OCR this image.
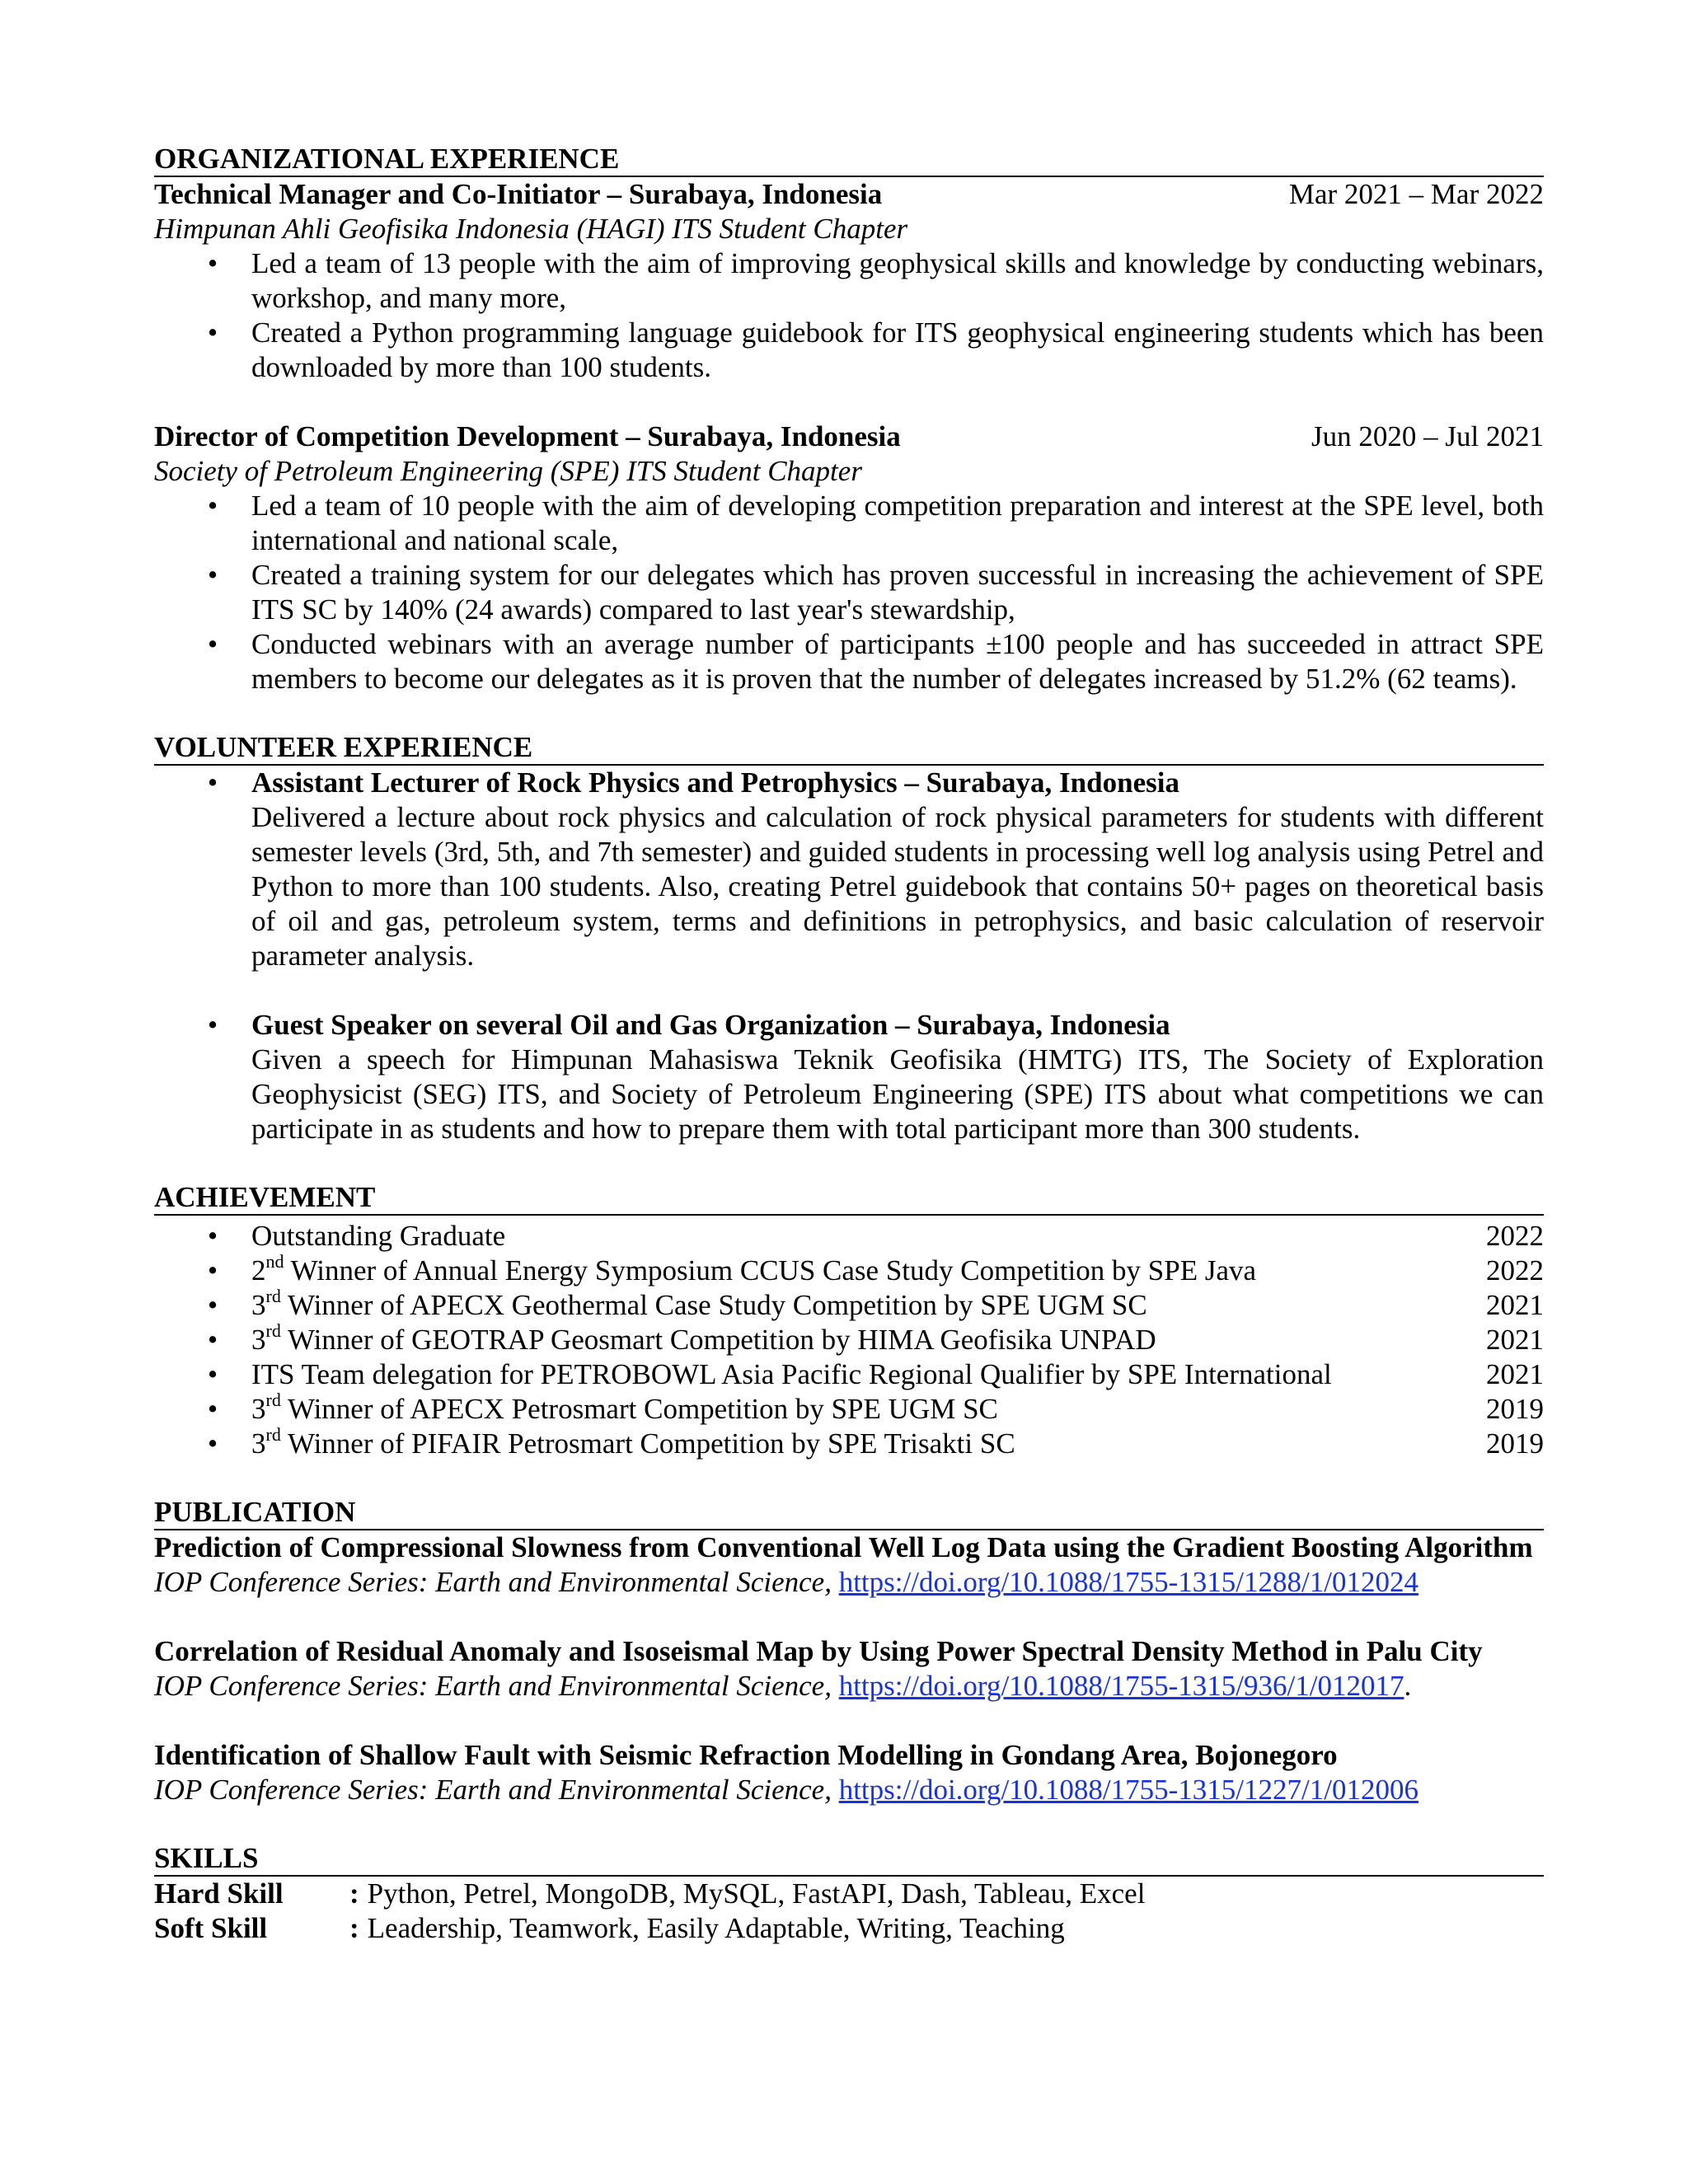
ORGANIZATIONAL EXPERIENCE
Technical Manager and Co-Initiator – Surabaya, Indonesia	Mar 2021 – Mar 2022
Himpunan Ahli Geofisika Indonesia (HAGI) ITS Student Chapter
• Led a team of 13 people with the aim of improving geophysical skills and knowledge by conducting webinars, workshop, and many more,
• Created a Python programming language guidebook for ITS geophysical engineering students which has been downloaded by more than 100 students.
Director of Competition Development – Surabaya, Indonesia	Jun 2020 – Jul 2021
Society of Petroleum Engineering (SPE) ITS Student Chapter
• Led a team of 10 people with the aim of developing competition preparation and interest at the SPE level, both international and national scale,
• Created a training system for our delegates which has proven successful in increasing the achievement of SPE ITS SC by 140% (24 awards) compared to last year's stewardship,
• Conducted webinars with an average number of participants ±100 people and has succeeded in attract SPE members to become our delegates as it is proven that the number of delegates increased by 51.2% (62 teams).
VOLUNTEER EXPERIENCE
• Assistant Lecturer of Rock Physics and Petrophysics – Surabaya, Indonesia
Delivered a lecture about rock physics and calculation of rock physical parameters for students with different semester levels (3rd, 5th, and 7th semester) and guided students in processing well log analysis using Petrel and Python to more than 100 students. Also, creating Petrel guidebook that contains 50+ pages on theoretical basis of oil and gas, petroleum system, terms and definitions in petrophysics, and basic calculation of reservoir parameter analysis.
• Guest Speaker on several Oil and Gas Organization – Surabaya, Indonesia
Given a speech for Himpunan Mahasiswa Teknik Geofisika (HMTG) ITS, The Society of Exploration Geophysicist (SEG) ITS, and Society of Petroleum Engineering (SPE) ITS about what competitions we can participate in as students and how to prepare them with total participant more than 300 students.
ACHIEVEMENT
• Outstanding Graduate	2022
• 2nd Winner of Annual Energy Symposium CCUS Case Study Competition by SPE Java	2022
• 3rd Winner of APECX Geothermal Case Study Competition by SPE UGM SC	2021
• 3rd Winner of GEOTRAP Geosmart Competition by HIMA Geofisika UNPAD	2021
• ITS Team delegation for PETROBOWL Asia Pacific Regional Qualifier by SPE International	2021
• 3rd Winner of APECX Petrosmart Competition by SPE UGM SC	2019
• 3rd Winner of PIFAIR Petrosmart Competition by SPE Trisakti SC	2019
PUBLICATION
Prediction of Compressional Slowness from Conventional Well Log Data using the Gradient Boosting Algorithm
IOP Conference Series: Earth and Environmental Science, https://doi.org/10.1088/1755-1315/1288/1/012024
Correlation of Residual Anomaly and Isoseismal Map by Using Power Spectral Density Method in Palu City
IOP Conference Series: Earth and Environmental Science, https://doi.org/10.1088/1755-1315/936/1/012017.
Identification of Shallow Fault with Seismic Refraction Modelling in Gondang Area, Bojonegoro
IOP Conference Series: Earth and Environmental Science, https://doi.org/10.1088/1755-1315/1227/1/012006
SKILLS
Hard Skill	: Python, Petrel, MongoDB, MySQL, FastAPI, Dash, Tableau, Excel
Soft Skill	: Leadership, Teamwork, Easily Adaptable, Writing, Teaching
